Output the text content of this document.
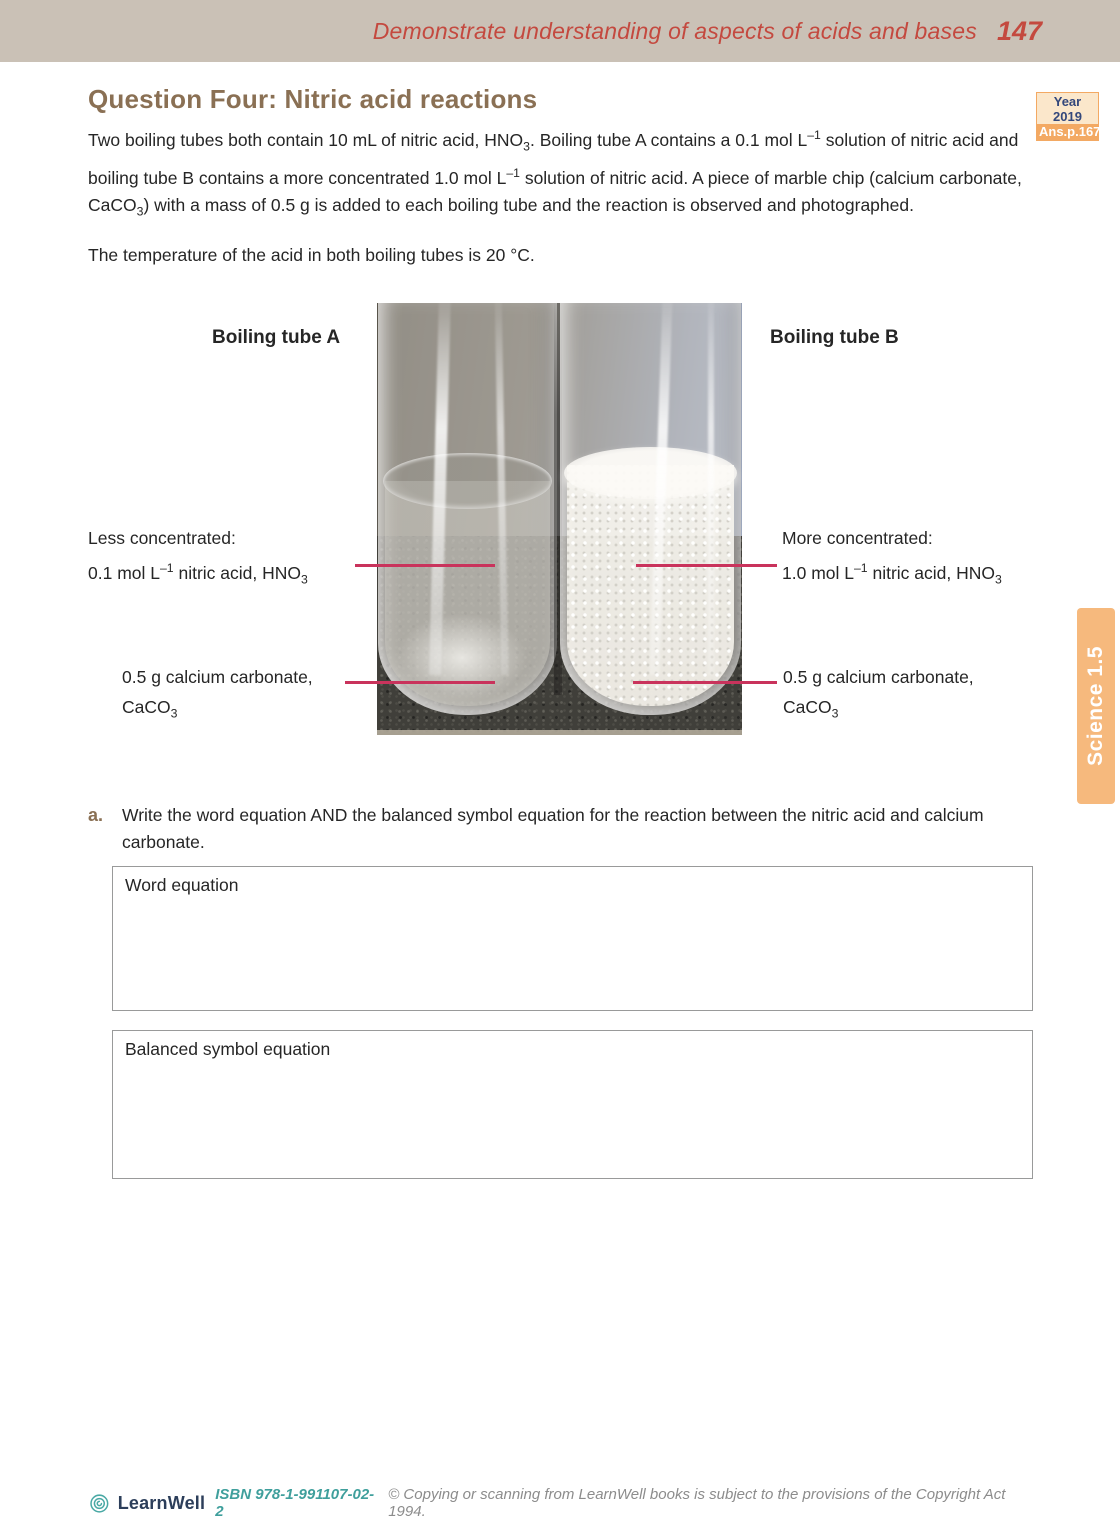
Demonstrate understanding of aspects of acids and bases 147
Year 2019
Ans.p.167
Question Four: Nitric acid reactions
Two boiling tubes both contain 10 mL of nitric acid, $HNO_3$. Boiling tube A contains a 0.1 mol $L^{-1}$ solution of nitric acid and boiling tube B contains a more concentrated 1.0 mol $L^{-1}$ solution of nitric acid. A piece of marble chip (calcium carbonate, CaCO$_3$) with a mass of 0.5 g is added to each boiling tube and the reaction is observed and photographed.
The temperature of the acid in both boiling tubes is 20 °C.
Boiling tube A	Boiling tube B
Less concentrated:
0.1 mol $L^{-1}$ nitric acid, $HNO_3$
More concentrated:
1.0 mol $L^{-1}$ nitric acid, $HNO_3$
0.5 g calcium carbonate,
CaCO$_3$
0.5 g calcium carbonate,
CaCO$_3$
a.	Write the word equation AND the balanced symbol equation for the reaction between the nitric acid and calcium carbonate.
Word equation
Balanced symbol equation
Science 1.5
LearnWell ISBN 978-1-991107-02-2
© Copying or scanning from LearnWell books is subject to the provisions of the Copyright Act 1994.
